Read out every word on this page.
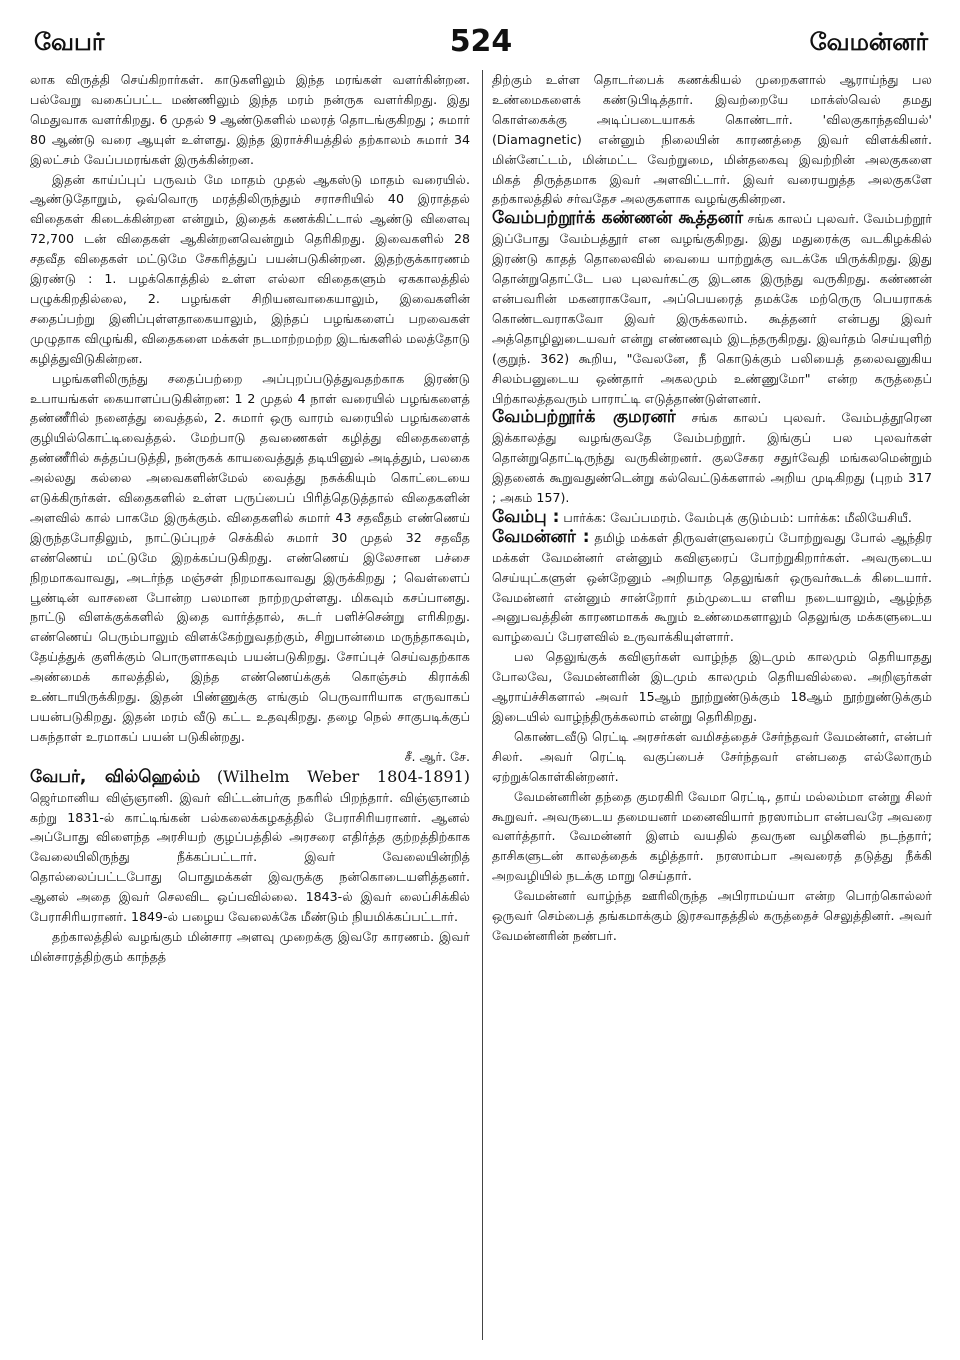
வேபர்	524	வேமன்னர்

லாக விருத்தி செய்கிறார்கள். காடுகளிலும் இந்த மரங்கள் வளர்கின்றன. பல்வேறு வகைப்பட்ட மண்ணிலும் இந்த மரம் நன்ருக வளர்கிறது. இது மெதுவாக வளர்கிறது. 6 முதல் 9 ஆண்டுகளில் மலரத் தொடங்குகிறது ; சுமார் 80 ஆண்டு வரை ஆயுள் உள்ளது. இந்த இராச்சியத்தில் தற்காலம் சுமார் 34 இலட்சம் வேப்பமரங்கள் இருக்கின்றன.

இதன் காய்ப்புப் பருவம் மே மாதம் முதல் ஆகஸ்டு மாதம் வரையில். ஆண்டுதோறும், ஒவ்வொரு மரத்திலிருந்தும் சராசரியில் 40 இராத்தல் விதைகள் கிடைக்கின்றன என்றும், இதைக் கணக்கிட்டால் ஆண்டு விளைவு 72,700 டன் விதைகள் ஆகின்றனவென்றும் தெரிகிறது. இவைகளில் 28 சதவீத விதைகள் மட்டுமே சேகரித்துப் பயன்படுகின்றன. இதற்குக்காரணம் இரண்டு : 1. பழக்கொத்தில் உள்ள எல்லா விதைகளும் ஏககாலத்தில் பழுக்கிறதில்லை, 2. பழங்கள் சிறியனவாகையாலும், இவைகளின் சதைப்பற்று இனிப்புள்ளதாகையாலும், இந்தப் பழங்களைப் பறவைகள் முழுதாக விழுங்கி, விதைகளை மக்கள் நடமாற்றமற்ற இடங்களில் மலத்தோடு கழித்துவிடுகின்றன.

பழங்களிலிருந்து சதைப்பற்றை அப்புறப்படுத்துவதற்காக இரண்டு உபாயங்கள் கையாளப்படுகின்றன: 1 2 முதல் 4 நாள் வரையில் பழங்களைத் தண்ணீரில் நனைத்து வைத்தல், 2. சுமார் ஒரு வாரம் வரையில் பழங்களைக் குழியில்கொட்டிவைத்தல். மேற்பாடு தவணைகள் கழித்து விதைகளைத் தண்ணீரில் சுத்தப்படுத்தி, நன்ருகக் காயவைத்துத் தடியினுல் அடித்தும், பலகை அல்லது கல்லை அவைகளின்மேல் வைத்து நசுக்கியும் கொட்டையை எடுக்கிருர்கள். விதைகளில் உள்ள பருப்பைப் பிரித்தெடுத்தால் விதைகளின் அளவில் கால் பாகமே இருக்கும். விதைகளில் சுமார் 43 சதவீதம் எண்ணெய் இருந்தபோதிலும், நாட்டுப்புறச் செக்கில் சுமார் 30 முதல் 32 சதவீத எண்ணெய் மட்டுமே இறக்கப்படுகிறது. எண்ணெய் இலேசான பச்சை நிறமாகவாவது, அடர்ந்த மஞ்சள் நிறமாகவாவது இருக்கிறது ; வெள்ளைப் பூண்டின் வாசனை போன்ற பலமான நாற்றமுள்ளது. மிகவும் கசப்பானது. நாட்டு விளக்குக்களில் இதை வார்த்தால், சுடர் பளிச்சென்று எரிகிறது. எண்ணெய் பெரும்பாலும் விளக்கேற்றுவதற்கும், சிறுபான்மை மருந்தாகவும், தேய்த்துக் குளிக்கும் பொருளாகவும் பயன்படுகிறது. சோப்புச் செய்வதற்காக அண்மைக் காலத்தில், இந்த எண்ணெய்க்குக் கொஞ்சம் கிராக்கி உண்டாயிருக்கிறது. இதன் பிண்ணுக்கு எங்கும் பெருவாரியாக எருவாகப் பயன்படுகிறது. இதன் மரம் வீடு கட்ட உதவுகிறது. தழை நெல் சாகுபடிக்குப் பசுந்தாள் உரமாகப் பயன் படுகின்றது.

சீ. ஆர். சே.

வேபர், வில்ஹெல்ம் (Wilhelm Weber 1804-1891) ஜெர்மானிய விஞ்ஞானி. இவர் விட்டன்பர்கு நகரில் பிறந்தார். விஞ்ஞானம் கற்று 1831-ல் காட்டிங்கன் பல்கலைக்கழகத்தில் பேராசிரியரானர். ஆனல் அப்போது விளைந்த அரசியற் குழப்பத்தில் அரசரை எதிர்த்த குற்றத்திற்காக வேலையிலிருந்து நீக்கப்பட்டார். இவர் வேலையின்றித் தொல்லைப்பட்டபோது பொதுமக்கள் இவருக்கு நன்கொடையளித்தனர். ஆனல் அதை இவர் செலவிட ஒப்பவில்லை. 1843-ல் இவர் லைப்சிக்கில் பேராசிரியரானர். 1849-ல் பழைய வேலைக்கே மீண்டும் நியமிக்கப்பட்டார்.

தற்காலத்தில் வழங்கும் மின்சார அளவு முறைக்கு இவரே காரணம். இவர் மின்சாரத்திற்கும் காந்தத்

திற்கும் உள்ள தொடர்பைக் கணக்கியல் முறைகளால் ஆராய்ந்து பல உண்மைகளைக் கண்டுபிடித்தார். இவற்றையே மாக்ஸ்வெல் தமது கொள்கைக்கு அடிப்படையாகக் கொண்டார். 'விலகுகாந்தவியல்' (Diamagnetic) என்னும் நிலையின் காரணத்தை இவர் விளக்கினர். மின்னேட்டம், மின்மட்ட வேற்றுமை, மின்தகைவு இவற்றின் அலகுகளை மிகத் திருத்தமாக இவர் அளவிட்டார். இவர் வரையறுத்த அலகுகளே தற்காலத்தில் சர்வதேச அலகுகளாக வழங்குகின்றன.

வேம்பற்றூர்க் கண்ணன் கூத்தனர் சங்க காலப் புலவர். வேம்பற்றூர் இப்போது வேம்பத்தூர் என வழங்குகிறது. இது மதுரைக்கு வடகிழக்கில் இரண்டு காதத் தொலைவில் வையை யாற்றுக்கு வடக்கே யிருக்கிறது. இது தொன்றுதொட்டே பல புலவர்கட்கு இடனக இருந்து வருகிறது. கண்ணன் என்பவரின் மகனராகவோ, அப்பெயரைத் தமக்கே மற்ருெரு பெயராகக் கொண்டவராகவோ இவர் இருக்கலாம். கூத்தனர் என்பது இவர் அத்தொழிலுடையவர் என்று எண்ணவும் இடந்தருகிறது. இவர்தம் செய்யுளிற் (குறுந். 362) கூறிய, "வேலனே, நீ கொடுக்கும் பலியைத் தலைவனுகிய சிலம்பனுடைய ஒண்தார் அகலமும் உண்ணுமோ" என்ற கருத்தைப் பிற்காலத்தவரும் பாராட்டி எடுத்தாண்டுள்ளனர்.

வேம்பற்றூர்க் குமரனர் சங்க காலப் புலவர். வேம்பத்தூரென இக்காலத்து வழங்குவதே வேம்பற்றூர். இங்குப் பல புலவர்கள் தொன்றுதொட்டிருந்து வருகின்றனர். குலசேகர சதுர்வேதி மங்கலமென்றும் இதனைக் கூறுவதுண்டென்று கல்வெட்டுக்களால் அறிய முடிகிறது (புறம் 317 ; அகம் 157).

வேம்பு : பார்க்க: வேப்பமரம். வேம்புக் குடும்பம்: பார்க்க: மீலியேசியீ.

வேமன்னர் : தமிழ் மக்கள் திருவள்ளுவரைப் போற்றுவது போல் ஆந்திர மக்கள் வேமன்னர் என்னும் கவிஞரைப் போற்றுகிறார்கள். அவருடைய செய்யுட்களுள் ஒன்றேனும் அறியாத தெலுங்கர் ஒருவர்கூடக் கிடையார். வேமன்னர் என்னும் சான்றோர் தம்முடைய எளிய நடையாலும், ஆழ்ந்த அனுபவத்தின் காரணமாகக் கூறும் உண்மைகளாலும் தெலுங்கு மக்களுடைய வாழ்வைப் பேரளவில் உருவாக்கியுள்ளார்.

பல தெலுங்குக் கவிஞர்கள் வாழ்ந்த இடமும் காலமும் தெரியாதது போலவே, வேமன்னரின் இடமும் காலமும் தெரியவில்லை. அறிஞர்கள் ஆராய்ச்சிகளால் அவர் 15ஆம் நூற்றுண்டுக்கும் 18ஆம் நூற்றுண்டுக்கும் இடையில் வாழ்ந்திருக்கலாம் என்று தெரிகிறது.

கொண்டவீடு ரெட்டி அரசர்கள் வமிசத்தைச் சேர்ந்தவர் வேமன்னர், என்பர் சிலர். அவர் ரெட்டி வகுப்பைச் சேர்ந்தவர் என்பதை எல்லோரும் ஏற்றுக்கொள்கின்றனர்.

வேமன்னரின் தந்தை குமரகிரி வேமா ரெட்டி, தாய் மல்லம்மா என்று சிலர் கூறுவர். அவருடைய தமையனர் மனைவியார் நரஸாம்பா என்பவரே அவரை வளர்த்தார். வேமன்னர் இளம் வயதில் தவருன வழிகளில் நடந்தார்; தாசிகளுடன் காலத்தைக் கழித்தார். நரஸாம்பா அவரைத் தடுத்து நீக்கி அறவழியில் நடக்கு மாறு செய்தார்.

வேமன்னர் வாழ்ந்த ஊரிலிருந்த அபிராமய்யா என்ற பொற்கொல்லர் ஒருவர் செம்பைத் தங்கமாக்கும் இரசவாதத்தில் கருத்தைச் செலுத்தினர். அவர் வேமன்னரின் நண்பர்.
